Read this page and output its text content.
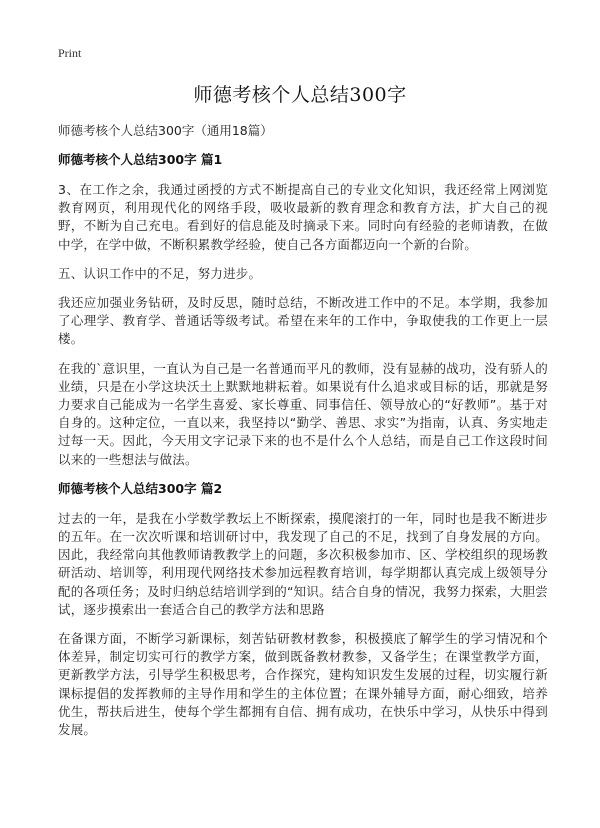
Print
师德考核个人总结300字
师德考核个人总结300字（通用18篇）
师德考核个人总结300字 篇1

3、在工作之余，我通过函授的方式不断提高自己的专业文化知识，我还经常上网浏览教育网页，利用现代化的网络手段，吸收最新的教育理念和教育方法，扩大自己的视野，不断为自己充电。看到好的信息能及时摘录下来。同时向有经验的老师请教，在做中学，在学中做，不断积累教学经验，使自己各方面都迈向一个新的台阶。

五、认识工作中的不足，努力进步。

我还应加强业务钻研，及时反思，随时总结，不断改进工作中的不足。本学期，我参加了心理学、教育学、普通话等级考试。希望在来年的工作中，争取使我的工作更上一层楼。

在我的`意识里，一直认为自己是一名普通而平凡的教师，没有显赫的战功，没有骄人的业绩，只是在小学这块沃土上默默地耕耘着。如果说有什么追求或目标的话，那就是努力要求自己能成为一名学生喜爱、家长尊重、同事信任、领导放心的“好教师”。基于对自身的。这种定位，一直以来，我坚持以“勤学、善思、求实”为指南，认真、务实地走过每一天。因此，今天用文字记录下来的也不是什么个人总结，而是自己工作这段时间以来的一些想法与做法。

师德考核个人总结300字 篇2

过去的一年，是我在小学数学教坛上不断探索，摸爬滚打的一年，同时也是我不断进步的五年。在一次次听课和培训研讨中，我发现了自己的不足，找到了自身发展的方向。因此，我经常向其他教师请教教学上的问题，多次积极参加市、区、学校组织的现场教研活动、培训等，利用现代网络技术参加远程教育培训，每学期都认真完成上级领导分配的各项任务；及时归纳总结培训学到的“知识。结合自身的情况，我努力探索，大胆尝试，逐步摸索出一套适合自己的教学方法和思路

在备课方面，不断学习新课标，刻苦钻研教材教参，积极摸底了解学生的学习情况和个体差异，制定切实可行的教学方案，做到既备教材教参，又备学生；在课堂教学方面，更新教学方法，引导学生积极思考，合作探究，建构知识发生发展的过程，切实履行新课标提倡的发挥教师的主导作用和学生的主体位置；在课外辅导方面，耐心细致，培养优生，帮扶后进生，使每个学生都拥有自信、拥有成功，在快乐中学习，从快乐中得到发展。
